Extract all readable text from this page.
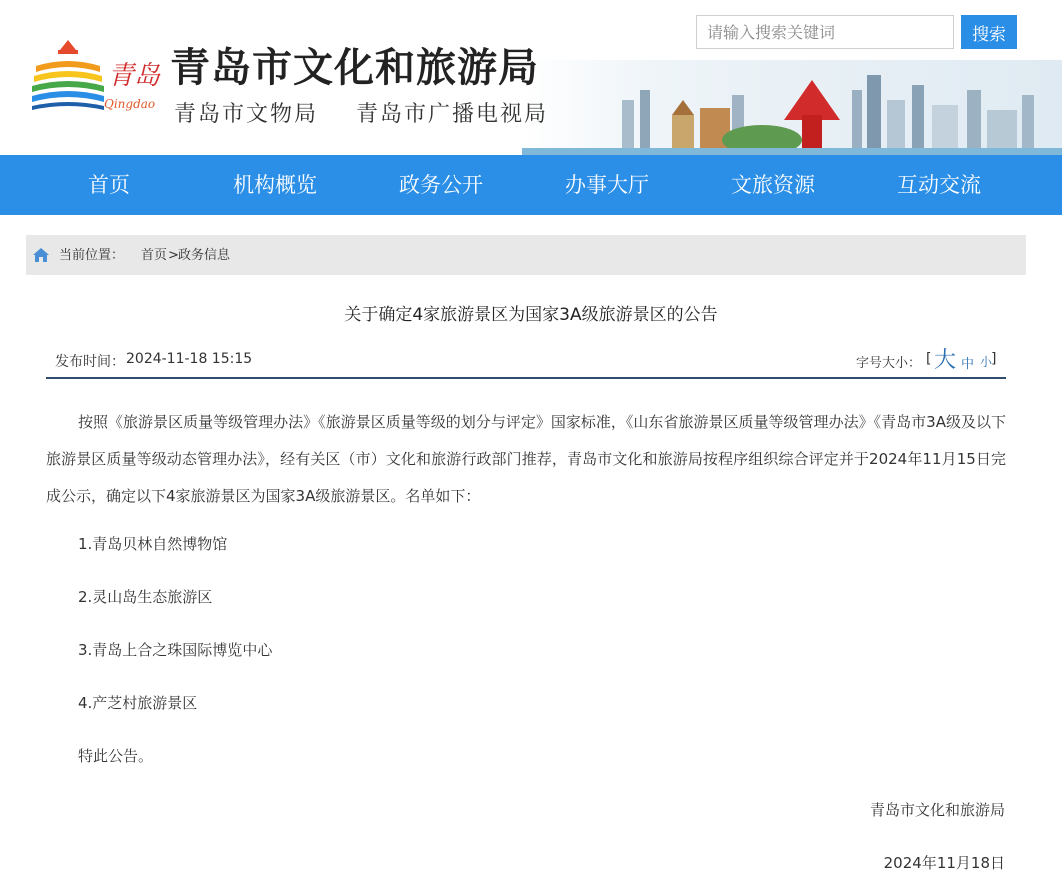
青岛
Qingdao
青岛市文化和旅游局
青岛市文物局 青岛市广播电视局
请输入搜索关键词
搜索
首页	机构概览	政务公开	办事大厅	文旅资源	互动交流
当前位置： 首页 > 政务信息
关于确定4家旅游景区为国家3A级旅游景区的公告
发布时间： 2024-11-18 15:15	字号大小： [ 大 中 小
]
按照《旅游景区质量等级管理办法》《旅游景区质量等级的划分与评定》国家标准，《山东省旅游景区质量等级管理办法》《青岛市3A级及以下旅游景区质量等级动态管理办法》，经有关区（市）文化和旅游行政部门推荐，青岛市文化和旅游局按程序组织综合评定并于2024年11月15日完成公示，确定以下4家旅游景区为国家3A级旅游景区。名单如下：
1.青岛贝林自然博物馆
2.灵山岛生态旅游区
3.青岛上合之珠国际博览中心
4.产芝村旅游景区
特此公告。
青岛市文化和旅游局
2024年11月18日
